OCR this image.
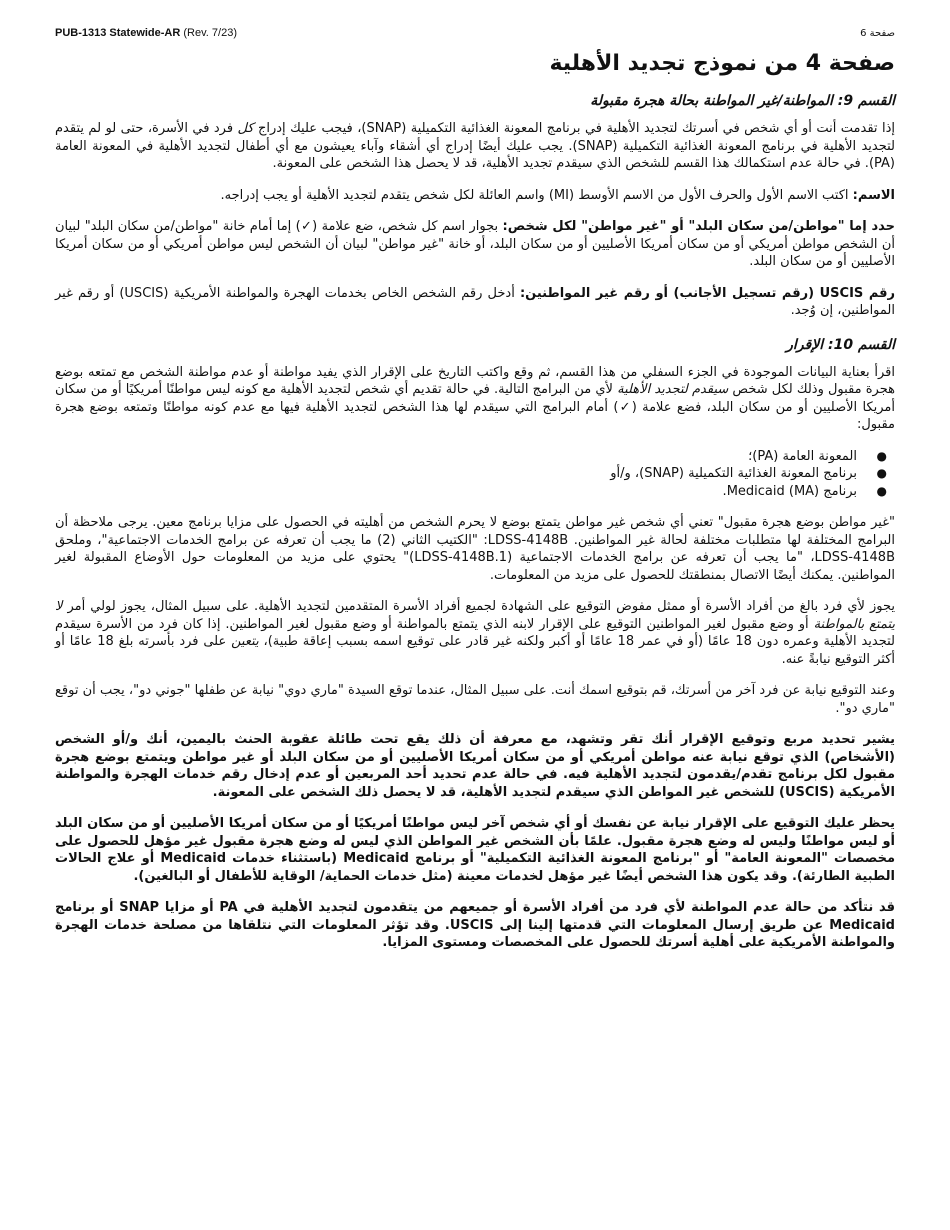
PUB-1313 Statewide-AR (Rev. 7/23)	صفحة 6
صفحة 4 من نموذج تجديد الأهلية
القسم 9: المواطنة/غير المواطنة بحالة هجرة مقبولة

إذا تقدمت أنت أو أي شخص في أسرتك لتجديد الأهلية في برنامج المعونة الغذائية التكميلية (SNAP)، فيجب عليك إدراج كل فرد في الأسرة، حتى لو لم يتقدم لتجديد الأهلية في برنامج المعونة الغذائية التكميلية (SNAP). يجب عليك أيضًا إدراج أي أشقاء وآباء يعيشون مع أي أطفال لتجديد الأهلية في المعونة العامة (PA). في حالة عدم استكمالك هذا القسم للشخص الذي سيقدم تجديد الأهلية، قد لا يحصل هذا الشخص على المعونة.

الاسم: اكتب الاسم الأول والحرف الأول من الاسم الأوسط (MI) واسم العائلة لكل شخص يتقدم لتجديد الأهلية أو يجب إدراجه.

حدد إما "مواطن/من سكان البلد" أو "غير مواطن" لكل شخص: بجوار اسم كل شخص، ضع علامة (✓) إما أمام خانة "مواطن/من سكان البلد" لبيان أن الشخص مواطن أمريكي أو من سكان أمريكا الأصليين أو من سكان البلد، أو خانة "غير مواطن" لبيان أن الشخص ليس مواطن أمريكي أو من سكان أمريكا الأصليين أو من سكان البلد.

رقم USCIS (رقم تسجيل الأجانب) أو رقم غير المواطنين: أدخل رقم الشخص الخاص بخدمات الهجرة والمواطنة الأمريكية (USCIS) أو رقم غير المواطنين، إن وُجد.

القسم 10: الإقرار

اقرأ بعناية البيانات الموجودة في الجزء السفلي من هذا القسم، ثم وقع واكتب التاريخ على الإقرار الذي يفيد مواطنة أو عدم مواطنة الشخص مع تمتعه بوضع هجرة مقبول وذلك لكل شخص سيقدم لتجديد الأهلية لأي من البرامج التالية. في حالة تقديم أي شخص لتجديد الأهلية مع كونه ليس مواطنًا أمريكيًا أو من سكان أمريكا الأصليين أو من سكان البلد، فضع علامة (✓) أمام البرامج التي سيقدم لها هذا الشخص لتجديد الأهلية فيها مع عدم كونه مواطنًا وتمتعه بوضع هجرة مقبول:

●
المعونة العامة (PA)؛
●
برنامج المعونة الغذائية التكميلية (SNAP)، و/أو
●
برنامج Medicaid (MA).

"غير مواطن بوضع هجرة مقبول" تعني أي شخص غير مواطن يتمتع بوضع لا يحرم الشخص من أهليته في الحصول على مزايا برنامج معين. يرجى ملاحظة أن البرامج المختلفة لها متطلبات مختلفة لحالة غير المواطنين. LDSS-4148B: "الكتيب الثاني (2) ما يجب أن تعرفه عن برامج الخدمات الاجتماعية"، وملحق LDSS-4148B، "ما يجب أن تعرفه عن برامج الخدمات الاجتماعية (LDSS-4148B.1)" يحتوي على مزيد من المعلومات حول الأوضاع المقبولة لغير المواطنين. يمكنك أيضًا الاتصال بمنطقتك للحصول على مزيد من المعلومات.

يجوز لأي فرد بالغ من أفراد الأسرة أو ممثل مفوض التوقيع على الشهادة لجميع أفراد الأسرة المتقدمين لتجديد الأهلية. على سبيل المثال، يجوز لولي أمر لا يتمتع بالمواطنة أو وضع مقبول لغير المواطنين التوقيع على الإقرار لابنه الذي يتمتع بالمواطنة أو وضع مقبول لغير المواطنين. إذا كان فرد من الأسرة سيقدم لتجديد الأهلية وعمره دون 18 عامًا (أو في عمر 18 عامًا أو أكبر ولكنه غير قادر على توقيع اسمه بسبب إعاقة طبية)، يتعين على فرد بأسرته بلغ 18 عامًا أو أكثر التوقيع نيابةً عنه.

وعند التوقيع نيابة عن فرد آخر من أسرتك، قم بتوقيع اسمك أنت. على سبيل المثال، عندما توقع السيدة "ماري دوي" نيابة عن طفلها "جوني دو"، يجب أن توقع "ماري دو".

يشير تحديد مربع وتوقيع الإقرار أنك تقر وتشهد، مع معرفة أن ذلك يقع تحت طائلة عقوبة الحنث باليمين، أنك و/أو الشخص (الأشخاص) الذي توقع نيابة عنه مواطن أمريكي أو من سكان أمريكا الأصليين أو من سكان البلد أو غير مواطن ويتمتع بوضع هجرة مقبول لكل برنامج تقدم/يقدمون لتجديد الأهلية فيه. في حالة عدم تحديد أحد المربعين أو عدم إدخال رقم خدمات الهجرة والمواطنة الأمريكية (USCIS) للشخص غير المواطن الذي سيقدم لتجديد الأهلية، قد لا يحصل ذلك الشخص على المعونة.

يحظر عليك التوقيع على الإقرار نيابة عن نفسك أو أي شخص آخر ليس مواطنًا أمريكيًا أو من سكان أمريكا الأصليين أو من سكان البلد أو ليس مواطنًا وليس له وضع هجرة مقبول. علمًا بأن الشخص غير المواطن الذي ليس له وضع هجرة مقبول غير مؤهل للحصول على مخصصات "المعونة العامة" أو "برنامج المعونة الغذائية التكميلية" أو برنامج Medicaid (باستثناء خدمات Medicaid أو علاج الحالات الطبية الطارئة). وقد يكون هذا الشخص أيضًا غير مؤهل لخدمات معينة (مثل خدمات الحماية/ الوقاية للأطفال أو البالغين).

قد نتأكد من حالة عدم المواطنة لأي فرد من أفراد الأسرة أو جميعهم من يتقدمون لتجديد الأهلية في PA أو مزايا SNAP أو برنامج Medicaid عن طريق إرسال المعلومات التي قدمتها إلينا إلى USCIS. وقد تؤثر المعلومات التي نتلقاها من مصلحة خدمات الهجرة والمواطنة الأمريكية على أهلية أسرتك للحصول على المخصصات ومستوى المزايا.
